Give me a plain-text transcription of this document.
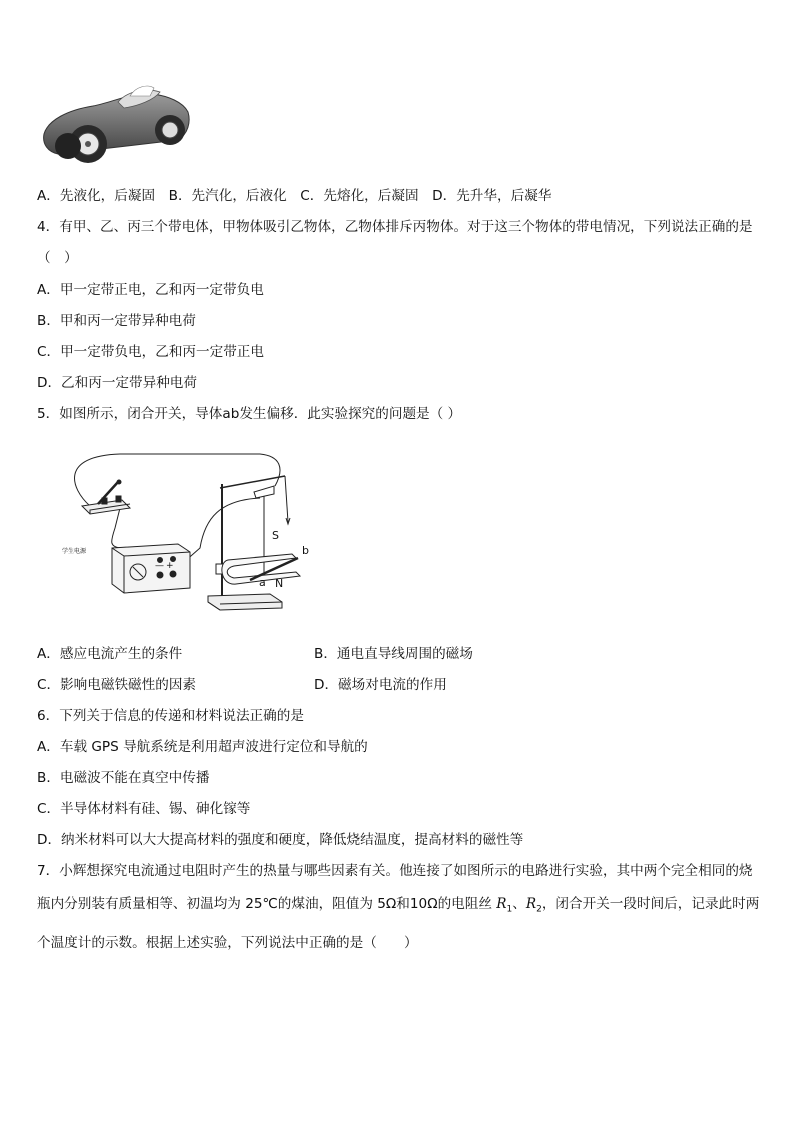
A．先液化，后凝固　B．先汽化，后液化　C．先熔化，后凝固　D．先升华，后凝华
4．有甲、乙、丙三个带电体，甲物体吸引乙物体，乙物体排斥丙物体。对于这三个物体的带电情况，下列说法正确的是（　）
A．甲一定带正电，乙和丙一定带负电
B．甲和丙一定带异种电荷
C．甲一定带负电，乙和丙一定带正电
D．乙和丙一定带异种电荷
5．如图所示，闭合开关，导体ab发生偏移．此实验探究的问题是（ ）
学生电源
— +
S
N
a
b
A．感应电流产生的条件	B．通电直导线周围的磁场
C．影响电磁铁磁性的因素	D．磁场对电流的作用
6．下列关于信息的传递和材料说法正确的是
A．车载 GPS 导航系统是利用超声波进行定位和导航的
B．电磁波不能在真空中传播
C．半导体材料有硅、锡、砷化镓等
D．纳米材料可以大大提高材料的强度和硬度，降低烧结温度，提高材料的磁性等
7．小辉想探究电流通过电阻时产生的热量与哪些因素有关。他连接了如图所示的电路进行实验，其中两个完全相同的烧瓶内分别装有质量相等、初温均为 25℃的煤油，阻值为 5Ω和10Ω的电阻丝 $R_1$、$R_2$，闭合开关一段时间后，记录此时两个温度计的示数。根据上述实验，下列说法中正确的是（　　）
